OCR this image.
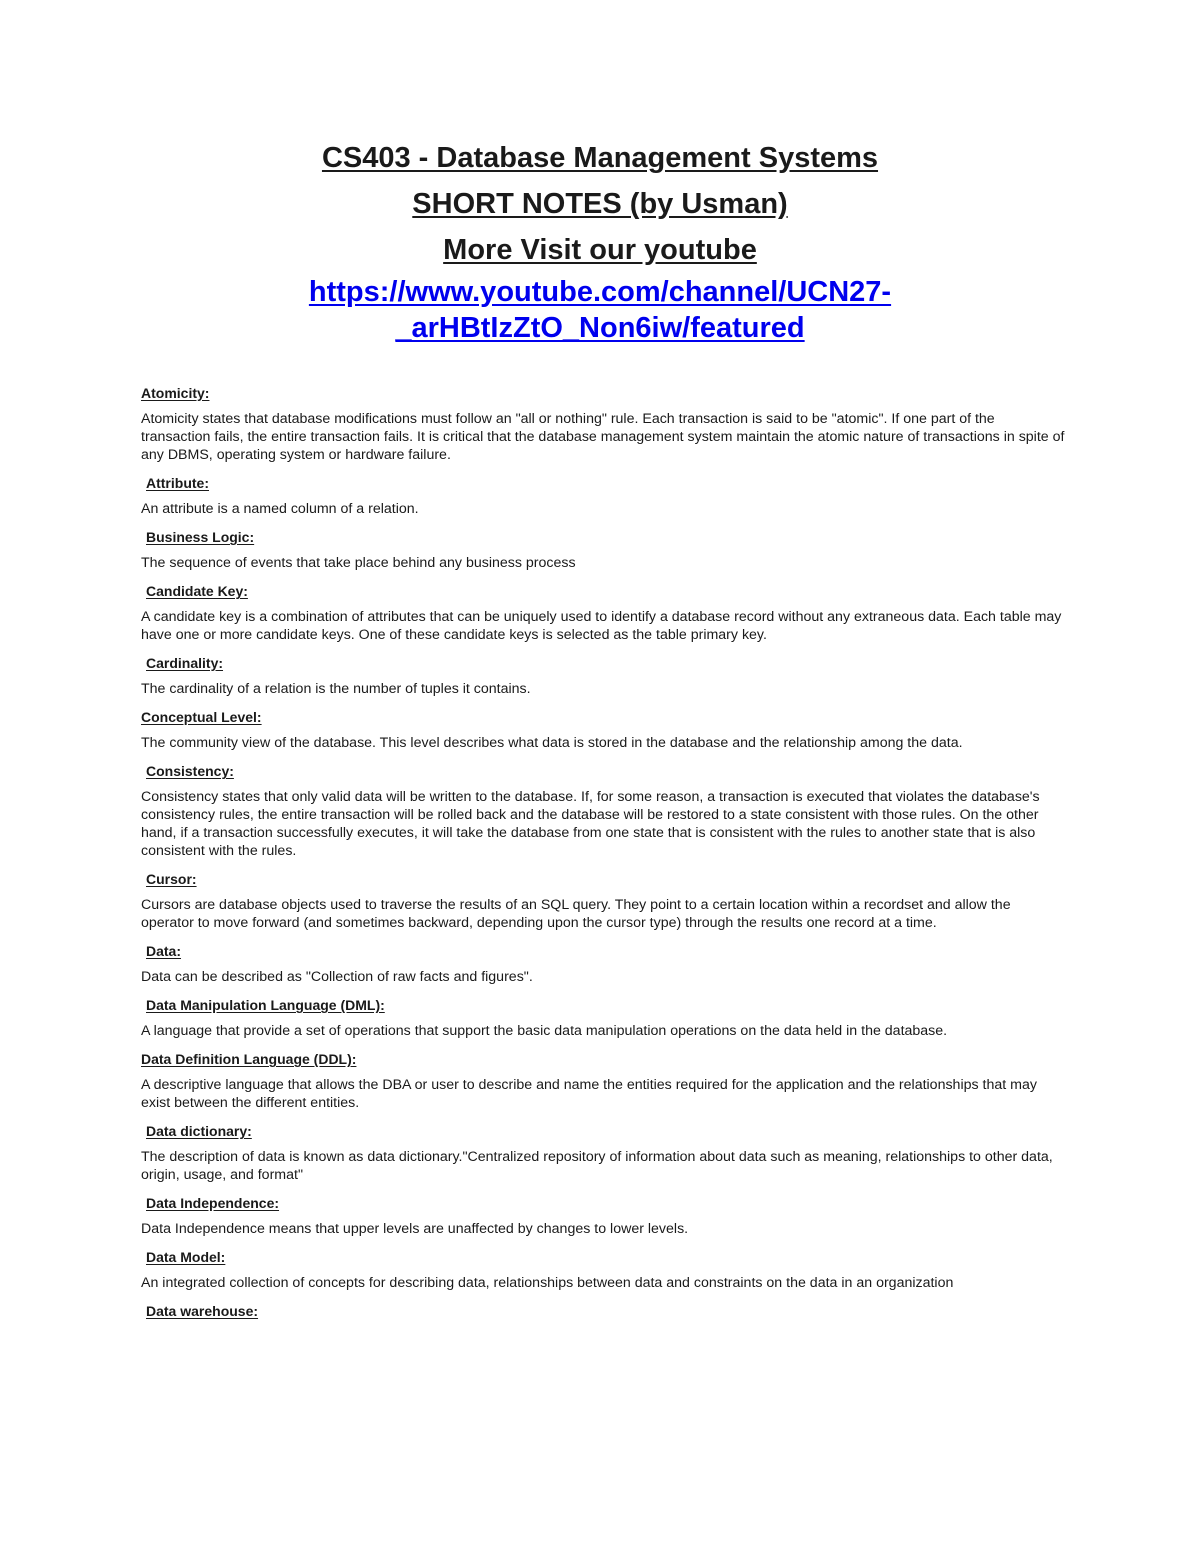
CS403 - Database Management Systems
SHORT NOTES (by Usman)
More Visit our youtube
https://www.youtube.com/channel/UCN27-
_arHBtIzZtO_Non6iw/featured
Atomicity:
Atomicity states that database modifications must follow an "all or nothing" rule. Each transaction is said to be "atomic". If one part of the transaction fails, the entire transaction fails. It is critical that the database management system maintain the atomic nature of transactions in spite of any DBMS, operating system or hardware failure.
Attribute:
An attribute is a named column of a relation.
Business Logic:
The sequence of events that take place behind any business process
Candidate Key:
A candidate key is a combination of attributes that can be uniquely used to identify a database record without any extraneous data. Each table may have one or more candidate keys. One of these candidate keys is selected as the table primary key.
Cardinality:
The cardinality of a relation is the number of tuples it contains.
Conceptual Level:
The community view of the database. This level describes what data is stored in the database and the relationship among the data.
Consistency:
Consistency states that only valid data will be written to the database. If, for some reason, a transaction is executed that violates the database's consistency rules, the entire transaction will be rolled back and the database will be restored to a state consistent with those rules. On the other hand, if a transaction successfully executes, it will take the database from one state that is consistent with the rules to another state that is also consistent with the rules.
Cursor:
Cursors are database objects used to traverse the results of an SQL query. They point to a certain location within a recordset and allow the operator to move forward (and sometimes backward, depending upon the cursor type) through the results one record at a time.
Data:
Data can be described as "Collection of raw facts and figures".
Data Manipulation Language (DML):
A language that provide a set of operations that support the basic data manipulation operations on the data held in the database.
Data Definition Language (DDL):
A descriptive language that allows the DBA or user to describe and name the entities required for the application and the relationships that may exist between the different entities.
Data dictionary:
The description of data is known as data dictionary."Centralized repository of information about data such as meaning, relationships to other data, origin, usage, and format"
Data Independence:
Data Independence means that upper levels are unaffected by changes to lower levels.
Data Model:
An integrated collection of concepts for describing data, relationships between data and constraints on the data in an organization
Data warehouse:
